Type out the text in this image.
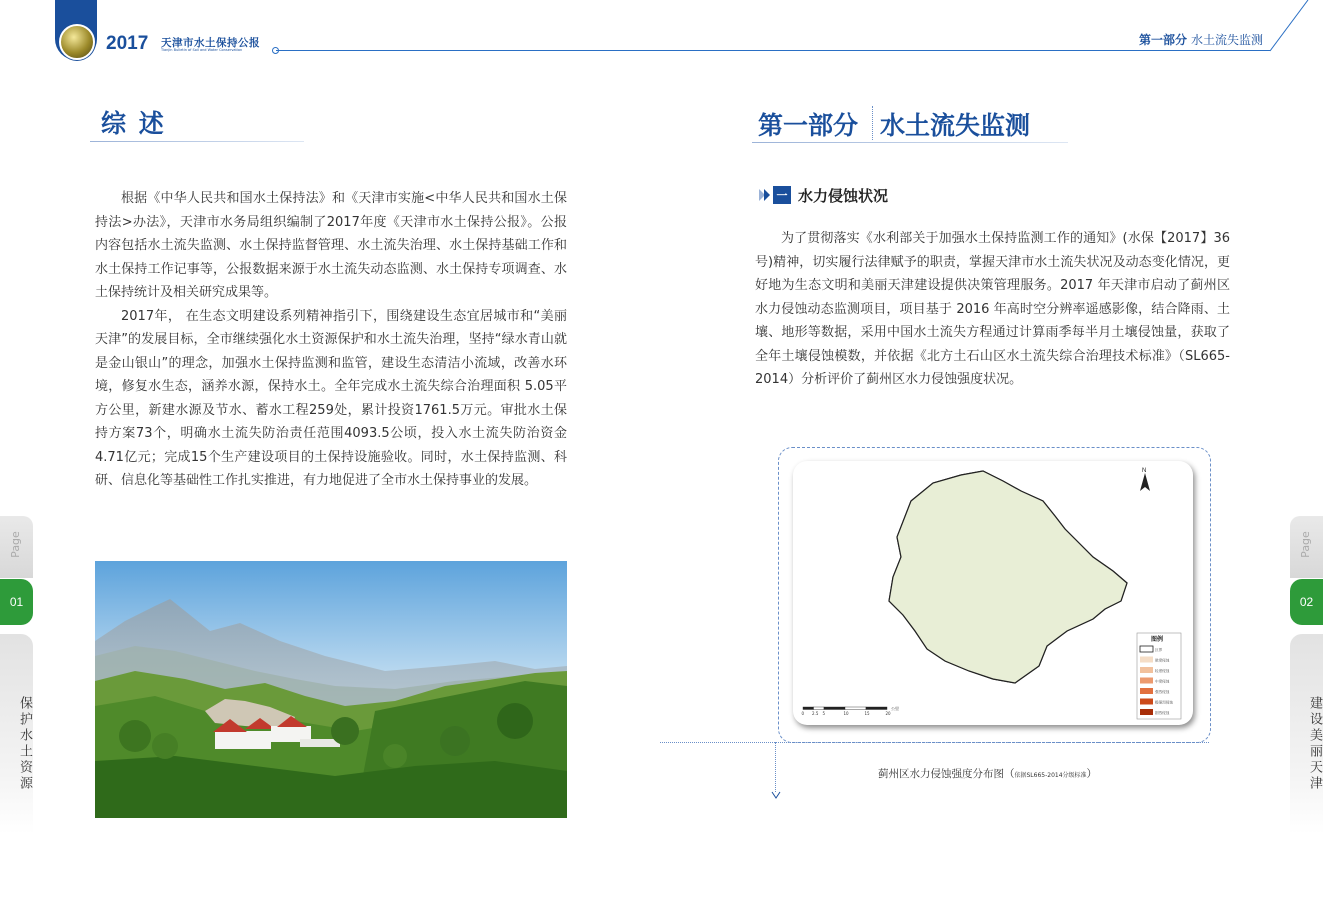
2017 天津市水土保持公报
Tianjin Bulletin of Soil and Water Conservation
第一部分 水土流失监测
综 述

根据《中华人民共和国水土保持法》和《天津市实施<中华人民共和国水土保持法>办法》，天津市水务局组织编制了2017年度《天津市水土保持公报》。公报内容包括水土流失监测、水土保持监督管理、水土流失治理、水土保持基础工作和水土保持工作记事等，公报数据来源于水土流失动态监测、水土保持专项调查、水土保持统计及相关研究成果等。

2017年， 在生态文明建设系列精神指引下，围绕建设生态宜居城市和“美丽天津”的发展目标，全市继续强化水土资源保护和水土流失治理，坚持“绿水青山就是金山银山”的理念，加强水土保持监测和监管，建设生态清洁小流域，改善水环境，修复水生态，涵养水源，保持水土。全年完成水土流失综合治理面积 5.05平方公里，新建水源及节水、蓄水工程259处，累计投资1761.5万元。审批水土保持方案73个，明确水土流失防治责任范围4093.5公顷，投入水土流失防治资金4.71亿元；完成15个生产建设项目的土保持设施验收。同时，水土保持监测、科研、信息化等基础性工作扎实推进，有力地促进了全市水土保持事业的发展。

Page
01
保护水土资源
第一部分 水土流失监测
一 水力侵蚀状况

为了贯彻落实《水利部关于加强水土保持监测工作的通知》(水保【2017】36号)精神，切实履行法律赋予的职责，掌握天津市水土流失状况及动态变化情况，更好地为生态文明和美丽天津建设提供决策管理服务。2017 年天津市启动了蓟州区水力侵蚀动态监测项目，项目基于 2016 年高时空分辨率遥感影像，结合降雨、土壤、地形等数据，采用中国水土流失方程通过计算雨季每半月土壤侵蚀量，获取了全年土壤侵蚀模数，并依据《北方土石山区水土流失综合治理技术标准》（SL665-2014）分析评价了蓟州区水力侵蚀强度状况。

N
图例
区界
微度侵蚀
轻度侵蚀
中度侵蚀
强烈侵蚀
极强烈侵蚀
剧烈侵蚀
0 2.5 5	10	15	20
公里
蓟州区水力侵蚀强度分布图（依据SL665-2014分级标准）
Page
02
建设美丽天津
